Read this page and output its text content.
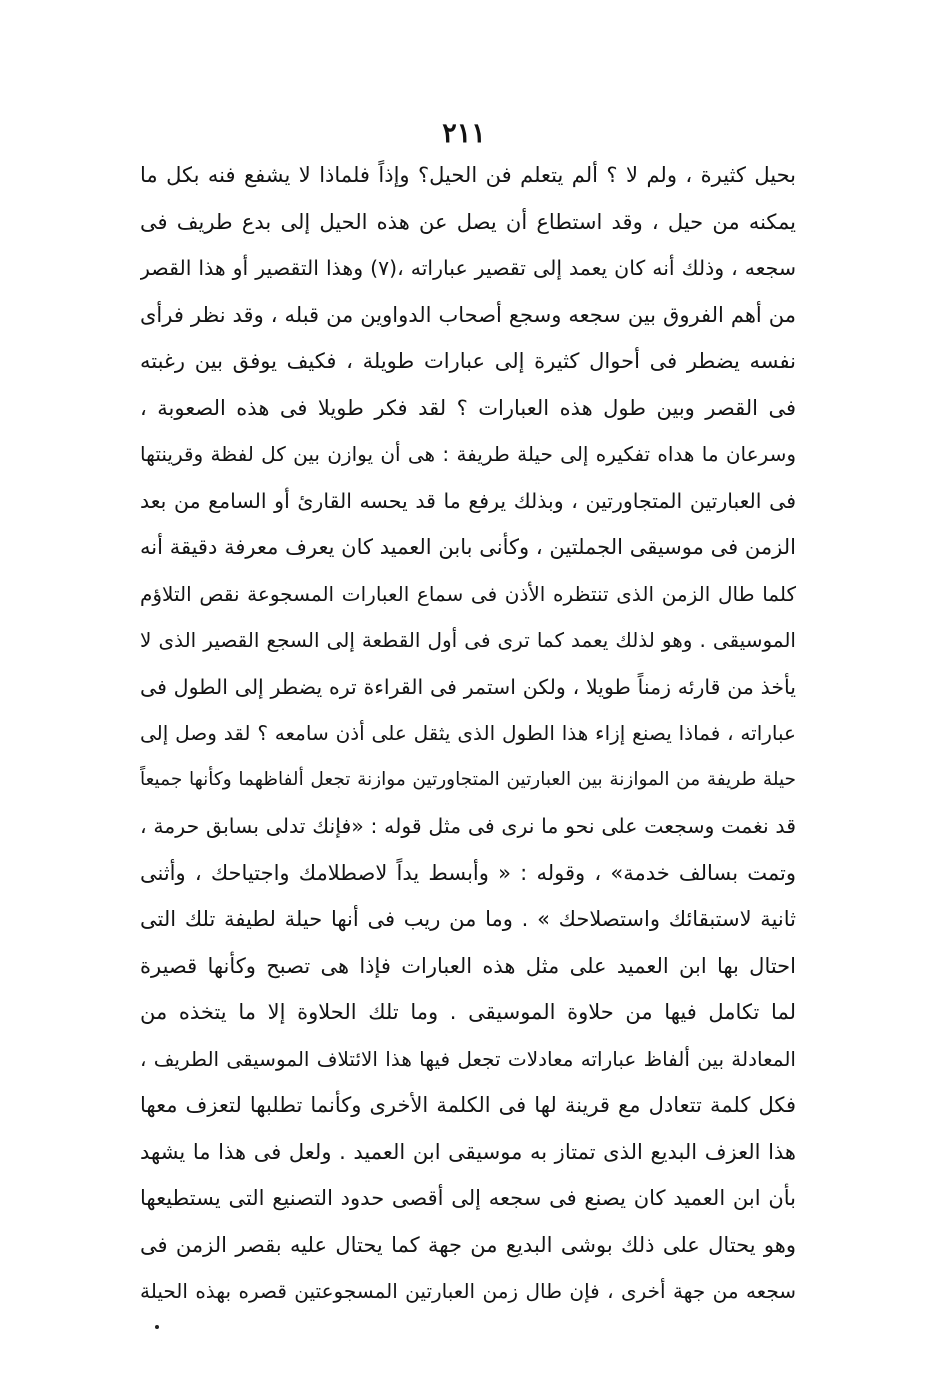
٢١١
بحيل كثيرة ، ولم لا ؟ ألم يتعلم فن الحيل؟ وإذاً فلماذا لا يشفع فنه بكل ما
يمكنه من حيل ، وقد استطاع أن يصل عن هذه الحيل إلى بدع طريف فى
سجعه ، وذلك أنه كان يعمد إلى تقصير عباراته ،(٧) وهذا التقصير أو هذا القصر
من أهم الفروق بين سجعه وسجع أصحاب الدواوين من قبله ، وقد نظر فرأى
نفسه يضطر فى أحوال كثيرة إلى عبارات طويلة ، فكيف يوفق بين رغبته
فى القصر وبين طول هذه العبارات ؟ لقد فكر طويلا فى هذه الصعوبة ،
وسرعان ما هداه تفكيره إلى حيلة طريفة : هى أن يوازن بين كل لفظة وقرينتها
فى العبارتين المتجاورتين ، وبذلك يرفع ما قد يحسه القارئ أو السامع من بعد
الزمن فى موسيقى الجملتين ، وكأنى بابن العميد كان يعرف معرفة دقيقة أنه
كلما طال الزمن الذى تنتظره الأذن فى سماع العبارات المسجوعة نقص التلاؤم
الموسيقى . وهو لذلك يعمد كما ترى فى أول القطعة إلى السجع القصير الذى لا
يأخذ من قارئه زمناً طويلا ، ولكن استمر فى القراءة تره يضطر إلى الطول فى
عباراته ، فماذا يصنع إزاء هذا الطول الذى يثقل على أذن سامعه ؟ لقد وصل إلى
حيلة طريفة من الموازنة بين العبارتين المتجاورتين موازنة تجعل ألفاظهما وكأنها جميعاً
قد نغمت وسجعت على نحو ما نرى فى مثل قوله : «فإنك تدلى بسابق حرمة ،
وتمت بسالف خدمة» ، وقوله : « وأبسط يداً لاصطلامك واجتياحك ، وأثنى
ثانية لاستبقائك واستصلاحك » . وما من ريب فى أنها حيلة لطيفة تلك التى
احتال بها ابن العميد على مثل هذه العبارات فإذا هى تصبح وكأنها قصيرة
لما تكامل فيها من حلاوة الموسيقى . وما تلك الحلاوة إلا ما يتخذه من
المعادلة بين ألفاظ عباراته معادلات تجعل فيها هذا الائتلاف الموسيقى الطريف ،
فكل كلمة تتعادل مع قرينة لها فى الكلمة الأخرى وكأنما تطلبها لتعزف معها
هذا العزف البديع الذى تمتاز به موسيقى ابن العميد . ولعل فى هذا ما يشهد
بأن ابن العميد كان يصنع فى سجعه إلى أقصى حدود التصنيع التى يستطيعها
وهو يحتال على ذلك بوشى البديع من جهة كما يحتال عليه بقصر الزمن فى
سجعه من جهة أخرى ، فإن طال زمن العبارتين المسجوعتين قصره بهذه الحيلة
